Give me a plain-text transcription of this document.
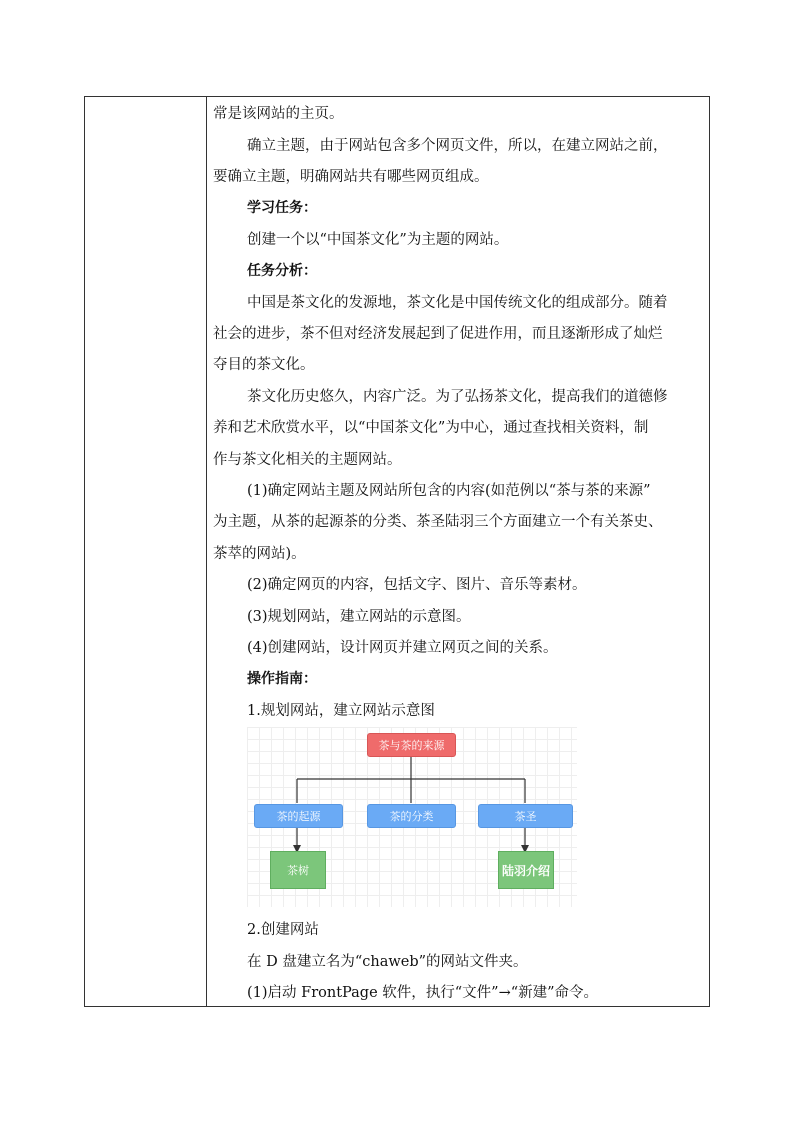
常是该网站的主页。
确立主题，由于网站包含多个网页文件，所以，在建立网站之前，
要确立主题，明确网站共有哪些网页组成。
学习任务：
创建一个以“中国茶文化”为主题的网站。
任务分析：
中国是茶文化的发源地，茶文化是中国传统文化的组成部分。随着
社会的进步，茶不但对经济发展起到了促进作用，而且逐渐形成了灿烂
夺目的茶文化。
茶文化历史悠久，内容广泛。为了弘扬茶文化，提高我们的道德修
养和艺术欣赏水平，以“中国茶文化”为中心，通过查找相关资料，制
作与茶文化相关的主题网站。
(1)确定网站主题及网站所包含的内容(如范例以“茶与茶的来源”
为主题，从茶的起源茶的分类、茶圣陆羽三个方面建立一个有关茶史、
茶萃的网站)。
(2)确定网页的内容，包括文字、图片、音乐等素材。
(3)规划网站，建立网站的示意图。
(4)创建网站，设计网页并建立网页之间的关系。
操作指南：
1.规划网站，建立网站示意图
茶与茶的来源
茶的起源	茶的分类	茶圣
茶树	陆羽介绍
2.创建网站
在 D 盘建立名为“chaweb”的网站文件夹。
(1)启动 FrontPage 软件，执行“文件”→“新建”命令。
